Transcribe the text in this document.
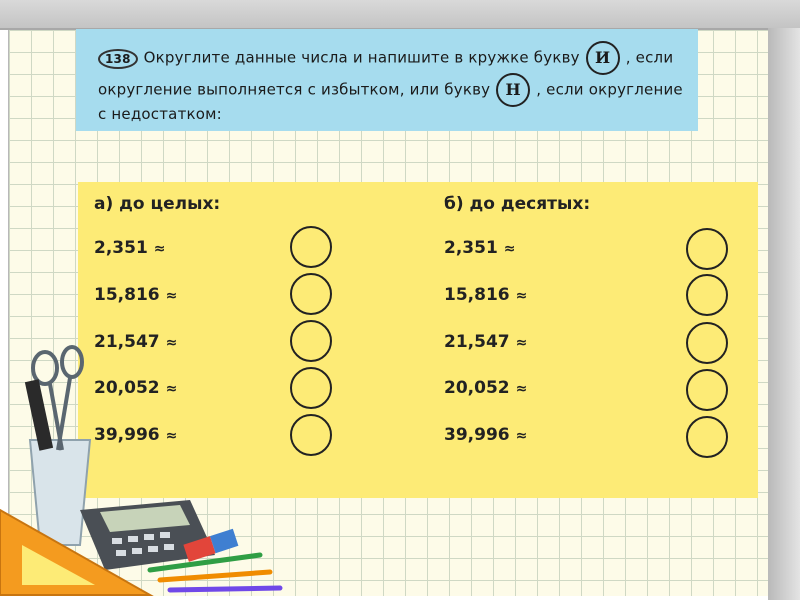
138 Округлите данные числа и напишите в кружке букву И , если
округление выполняется с избытком, или букву Н , если округление
с недостатком:
а) до целых:	б) до десятых:
2,351 ≈
15,816 ≈
21,547 ≈
20,052 ≈
39,996 ≈
2,351 ≈
15,816 ≈
21,547 ≈
20,052 ≈
39,996 ≈
